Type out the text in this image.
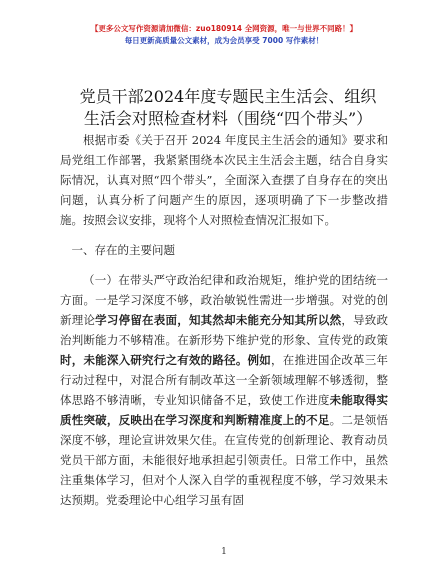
【更多公文写作资源请加微信：zuo180914 全网资源，唯一与世界不同路！】
每日更新高质量公文素材，成为会员享受 7000 写作素材！
党员干部2024年度专题民主生活会、组织生活会对照检查材料（围绕“四个带头”）

根据市委《关于召开 2024 年度民主生活会的通知》要求和局党组工作部署，我紧紧围绕本次民主生活会主题，结合自身实际情况，认真对照“四个带头”，全面深入查摆了自身存在的突出问题，认真分析了问题产生的原因，逐项明确了下一步整改措施。按照会议安排，现将个人对照检查情况汇报如下。

一、存在的主要问题

（一）在带头严守政治纪律和政治规矩，维护党的团结统一方面。一是学习深度不够，政治敏锐性需进一步增强。对党的创新理论学习停留在表面，知其然却未能充分知其所以然，导致政治判断能力不够精准。在新形势下维护党的形象、宣传党的政策时，未能深入研究行之有效的路径。例如，在推进国企改革三年行动过程中，对混合所有制改革这一全新领域理解不够透彻，整体思路不够清晰，专业知识储备不足，致使工作进度未能取得实质性突破，反映出在学习深度和判断精准度上的不足。二是领悟深度不够，理论宣讲效果欠佳。在宣传党的创新理论、教育动员党员干部方面，未能很好地承担起引领责任。日常工作中，虽然注重集体学习，但对个人深入自学的重视程度不够，学习效果未达预期。党委理论中心组学习虽有固

1
